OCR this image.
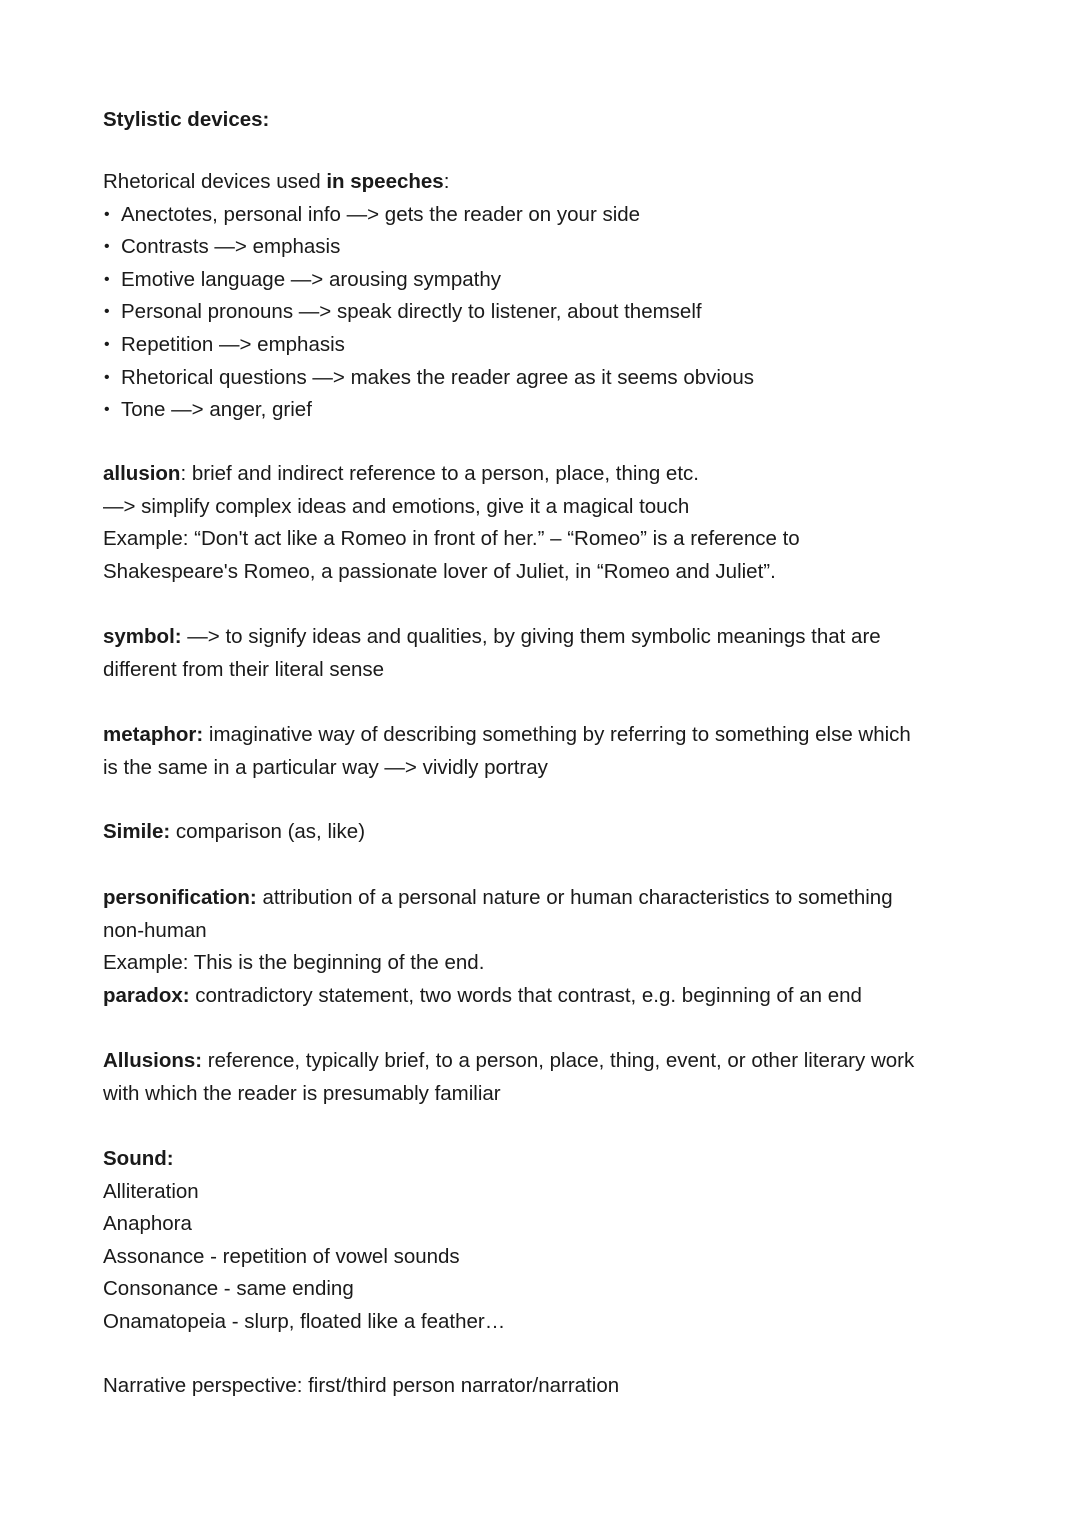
Stylistic devices:
Rhetorical devices used in speeches:
• Anectotes, personal info —> gets the reader on your side
• Contrasts —> emphasis
• Emotive language —> arousing sympathy
• Personal pronouns —> speak directly to listener, about themself
• Repetition —> emphasis
• Rhetorical questions —> makes the reader agree as it seems obvious
• Tone —> anger, grief
allusion: brief and indirect reference to a person, place, thing etc.
—> simplify complex ideas and emotions, give it a magical touch
Example: “Don't act like a Romeo in front of her.” – “Romeo” is a reference to
Shakespeare's Romeo, a passionate lover of Juliet, in “Romeo and Juliet”.
symbol: —> to signify ideas and qualities, by giving them symbolic meanings that are
different from their literal sense
metaphor: imaginative way of describing something by referring to something else which
is the same in a particular way —> vividly portray
Simile: comparison (as, like)
personification: attribution of a personal nature or human characteristics to something
non-human
Example: This is the beginning of the end.
paradox: contradictory statement, two words that contrast, e.g. beginning of an end
Allusions: reference, typically brief, to a person, place, thing, event, or other literary work
with which the reader is presumably familiar
Sound:
Alliteration
Anaphora
Assonance - repetition of vowel sounds
Consonance - same ending
Onamatopeia - slurp, floated like a feather…
Narrative perspective: first/third person narrator/narration
